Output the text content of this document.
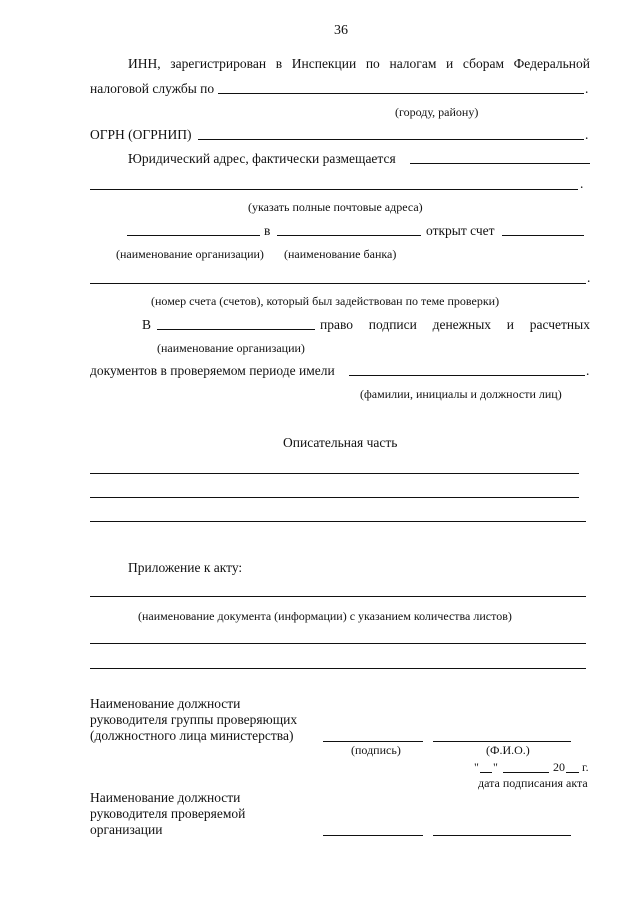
36
ИНН, зарегистрирован в Инспекции по налогам и сборам Федеральной
налоговой службы по	.
(городу, району)
ОГРН (ОГРНИП)	.
Юридический адрес, фактически размещается
.
(указать полные почтовые адреса)
в	открыт счет
(наименование организации) (наименование банка)
.
(номер счета (счетов), который был задействован по теме проверки)
В	право подписи денежных и расчетных
(наименование организации)
документов в проверяемом периоде имели	.
(фамилии, инициалы и должности лиц)
Описательная часть
Приложение к акту:
(наименование документа (информации) с указанием количества листов)
Наименование должности
руководителя группы проверяющих
(должностного лица министерства)
(подпись)	(Ф.И.О.)
" "	20 г.
дата подписания акта
Наименование должности
руководителя проверяемой
организации
